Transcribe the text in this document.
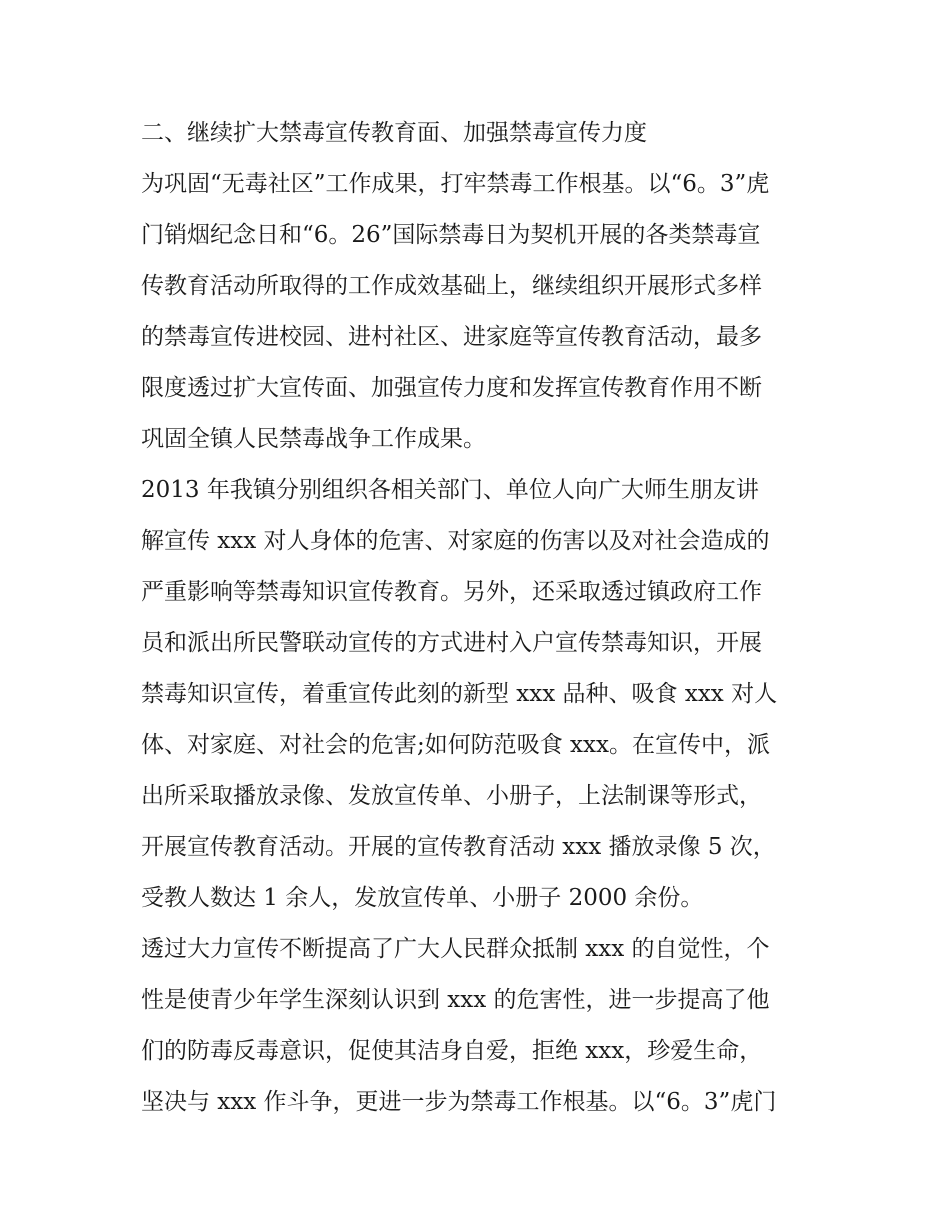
二、继续扩大禁毒宣传教育面、加强禁毒宣传力度
为巩固“无毒社区”工作成果，打牢禁毒工作根基。以“6。3”虎
门销烟纪念日和“6。26”国际禁毒日为契机开展的各类禁毒宣
传教育活动所取得的工作成效基础上，继续组织开展形式多样
的禁毒宣传进校园、进村社区、进家庭等宣传教育活动，最多
限度透过扩大宣传面、加强宣传力度和发挥宣传教育作用不断
巩固全镇人民禁毒战争工作成果。
2013 年我镇分别组织各相关部门、单位人向广大师生朋友讲
解宣传 xxx 对人身体的危害、对家庭的伤害以及对社会造成的
严重影响等禁毒知识宣传教育。另外，还采取透过镇政府工作
员和派出所民警联动宣传的方式进村入户宣传禁毒知识，开展
禁毒知识宣传，着重宣传此刻的新型 xxx 品种、吸食 xxx 对人
体、对家庭、对社会的危害;如何防范吸食 xxx。在宣传中，派
出所采取播放录像、发放宣传单、小册子，上法制课等形式，
开展宣传教育活动。开展的宣传教育活动 xxx 播放录像 5 次，
受教人数达 1 余人，发放宣传单、小册子 2000 余份。
透过大力宣传不断提高了广大人民群众抵制 xxx 的自觉性，个
性是使青少年学生深刻认识到 xxx 的危害性，进一步提高了他
们的防毒反毒意识，促使其洁身自爱，拒绝 xxx，珍爱生命，
坚决与 xxx 作斗争，更进一步为禁毒工作根基。以“6。3”虎门
